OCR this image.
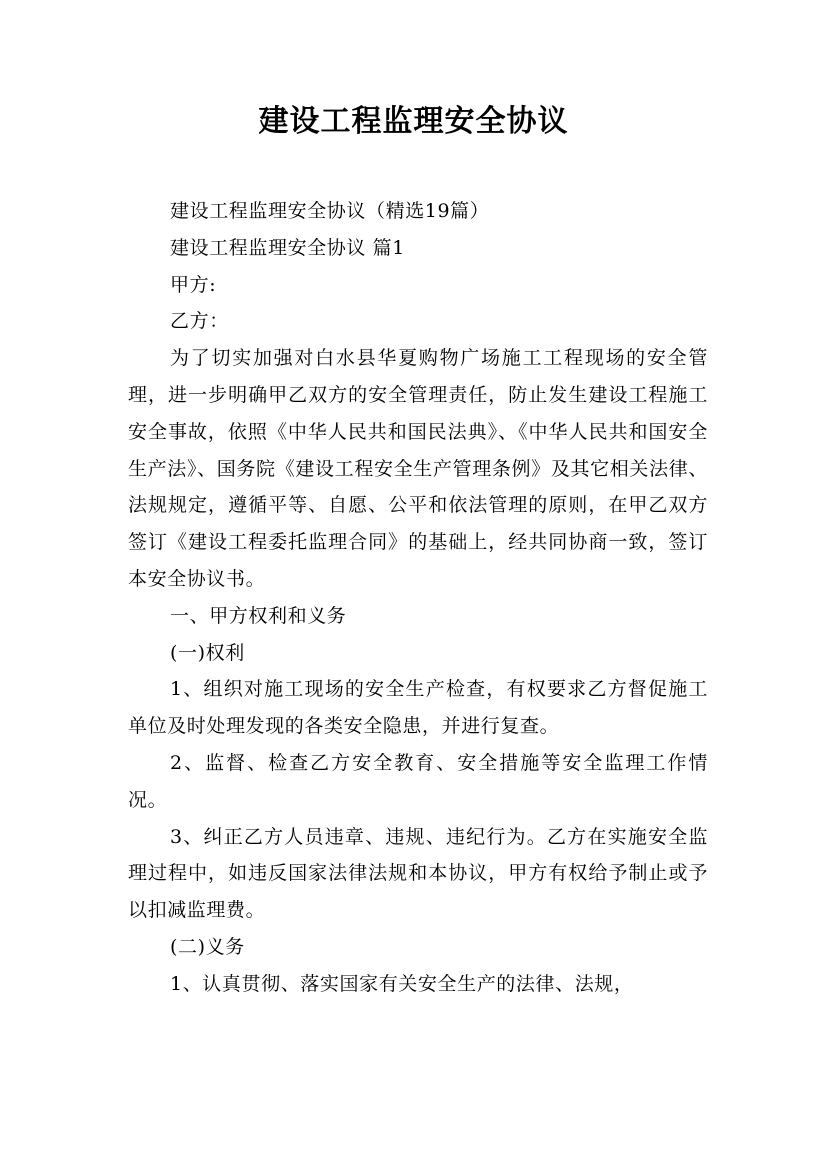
建设工程监理安全协议

建设工程监理安全协议（精选19篇）

建设工程监理安全协议 篇1

甲方:

乙方：

为了切实加强对白水县华夏购物广场施工工程现场的安全管理，进一步明确甲乙双方的安全管理责任，防止发生建设工程施工安全事故，依照《中华人民共和国民法典》、《中华人民共和国安全生产法》、国务院《建设工程安全生产管理条例》及其它相关法律、法规规定，遵循平等、自愿、公平和依法管理的原则，在甲乙双方签订《建设工程委托监理合同》的基础上，经共同协商一致，签订本安全协议书。

一、甲方权利和义务

(一)权利

1、组织对施工现场的安全生产检查，有权要求乙方督促施工单位及时处理发现的各类安全隐患，并进行复查。

2、监督、检查乙方安全教育、安全措施等安全监理工作情况。

3、纠正乙方人员违章、违规、违纪行为。乙方在实施安全监理过程中，如违反国家法律法规和本协议，甲方有权给予制止或予以扣减监理费。

(二)义务

1、认真贯彻、落实国家有关安全生产的法律、法规，
